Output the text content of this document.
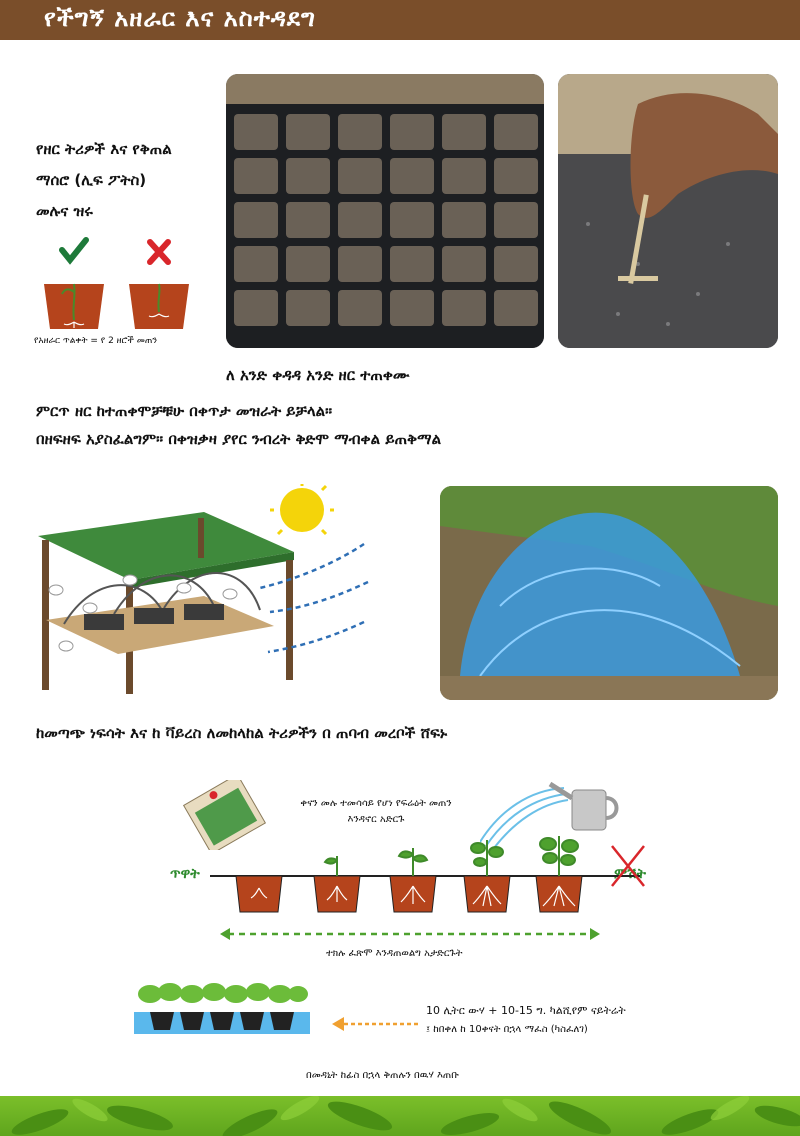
የችግኝ አዘራር እና አስተዳደግ
የዘር ትሪዎች እና የቅጠል
ማሰሮ (ሊፍ ፖትስ)
መሉና ዝሩ
የአዘራር ጥልቀት = የ 2 ዘሮች መጠን
ለ አንድ ቀዳዳ አንድ ዘር ተጠቀሙ
ምርጥ ዘር ከተጠቀሞቻቹሁ በቀጥታ መዝራት ይቻላል።
በዘፍዘፍ አያስፈልግም። በቀዝቃዛ ያየር ንብረት ቅድሞ ማብቀል ይጠቅማል
ከመጣጭ ነፍሳት እና ከ ቫይረስ ለመከላከል ትሪዎችን በ ጠባብ መረቦች ሸፍኑ
ቀናን መሉ ተመሳሳይ የሆነ የፍሬዕት መጠን እንዳኖር አድርጉ
ጥዋት	ምሽት
ተክሉ ፈጽሞ እንዳጠወልግ አታድርጉት
10 ሊትር ውሃ + 10-15 ግ. ካልሺየም ናይትሬት
፤ ከበቀለ ከ 10ቀናት በኋላ ማፈስ (ካስፈለገ)
በመዳኒት ከፊስ በኋላ ቅጠሉን በዉሃ እጠቡ
